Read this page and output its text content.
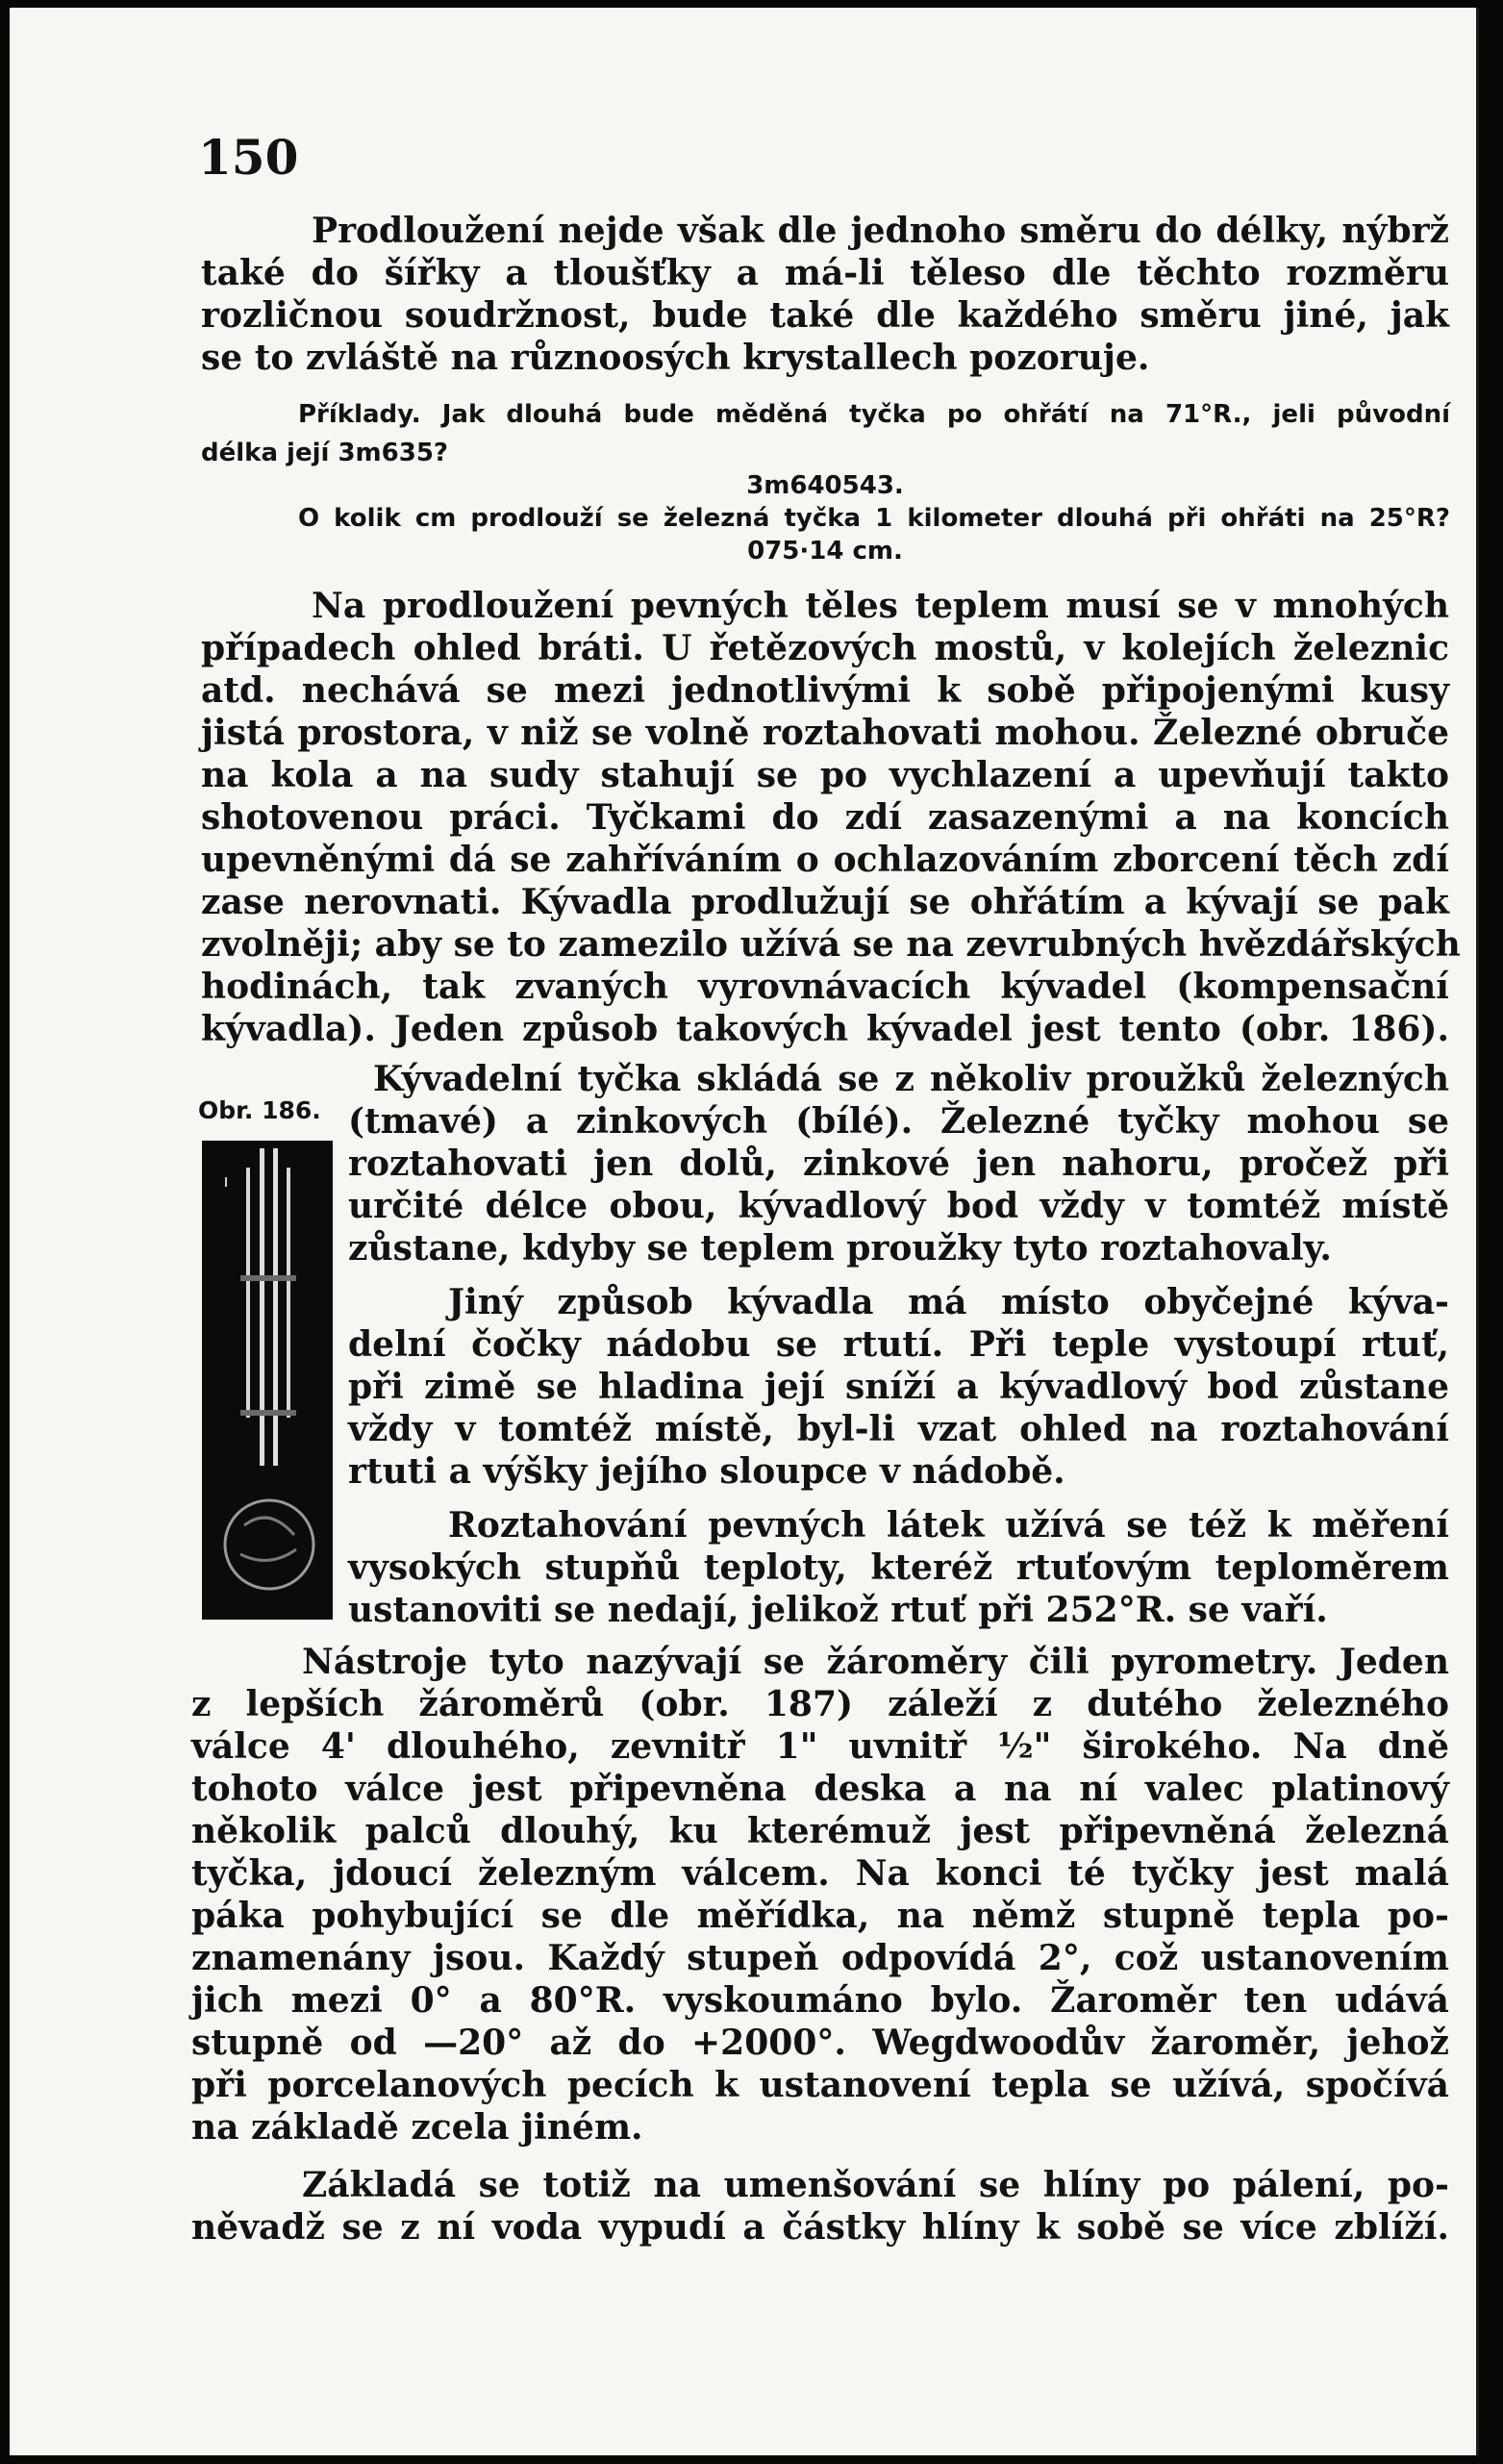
150
Prodloužení nejde však dle jednoho směru do délky, nýbrž
také do šířky a tloušťky a má-li těleso dle těchto rozměru
rozličnou soudržnost, bude také dle každého směru jiné, jak
se to zvláště na různoosých krystallech pozoruje.
Příklady. Jak dlouhá bude měděná tyčka po ohřátí na 71°R., jeli původní
délka její 3m635?
3m640543.
O kolik cm prodlouží se železná tyčka 1 kilometer dlouhá při ohřáti na 25°R?
075·14 cm.
Na prodloužení pevných těles teplem musí se v mnohých
případech ohled bráti. U řetězových mostů, v kolejích železnic
atd. nechává se mezi jednotlivými k sobě připojenými kusy
jistá prostora, v niž se volně roztahovati mohou. Železné obruče
na kola a na sudy stahují se po vychlazení a upevňují takto
shotovenou práci. Tyčkami do zdí zasazenými a na koncích
upevněnými dá se zahříváním o ochlazováním zborcení těch zdí
zase nerovnati. Kývadla prodlužují se ohřátím a kývají se pak
zvolněji; aby se to zamezilo užívá se na zevrubných hvězdářských
hodinách, tak zvaných vyrovnávacích kývadel (kompensační
kývadla). Jeden způsob takových kývadel jest tento (obr. 186).
Obr. 186.
Kývadelní tyčka skládá se z několiv proužků železných
(tmavé) a zinkových (bílé). Železné tyčky mohou se
roztahovati jen dolů, zinkové jen nahoru, pročež při
určité délce obou, kývadlový bod vždy v tomtéž místě
zůstane, kdyby se teplem proužky tyto roztahovaly.
Jiný způsob kývadla má místo obyčejné kýva-
delní čočky nádobu se rtutí. Při teple vystoupí rtuť,
při zimě se hladina její sníží a kývadlový bod zůstane
vždy v tomtéž místě, byl-li vzat ohled na roztahování
rtuti a výšky jejího sloupce v nádobě.
Roztahování pevných látek užívá se též k měření
vysokých stupňů teploty, kteréž rtuťovým teploměrem
ustanoviti se nedají, jelikož rtuť při 252°R. se vaří.
Nástroje tyto nazývají se žároměry čili pyrometry. Jeden
z lepších žároměrů (obr. 187) záleží z dutého železného
válce 4' dlouhého, zevnitř 1" uvnitř ½" širokého. Na dně
tohoto válce jest připevněna deska a na ní valec platinový
několik palců dlouhý, ku kterémuž jest připevněná železná
tyčka, jdoucí železným válcem. Na konci té tyčky jest malá
páka pohybující se dle měřídka, na němž stupně tepla po-
znamenány jsou. Každý stupeň odpovídá 2°, což ustanovením
jich mezi 0° a 80°R. vyskoumáno bylo. Žaroměr ten udává
stupně od —20° až do +2000°. Wegdwoodův žaroměr, jehož
při porcelanových pecích k ustanovení tepla se užívá, spočívá
na základě zcela jiném.
Základá se totiž na umenšování se hlíny po pálení, po-
něvadž se z ní voda vypudí a částky hlíny k sobě se více zblíží.
